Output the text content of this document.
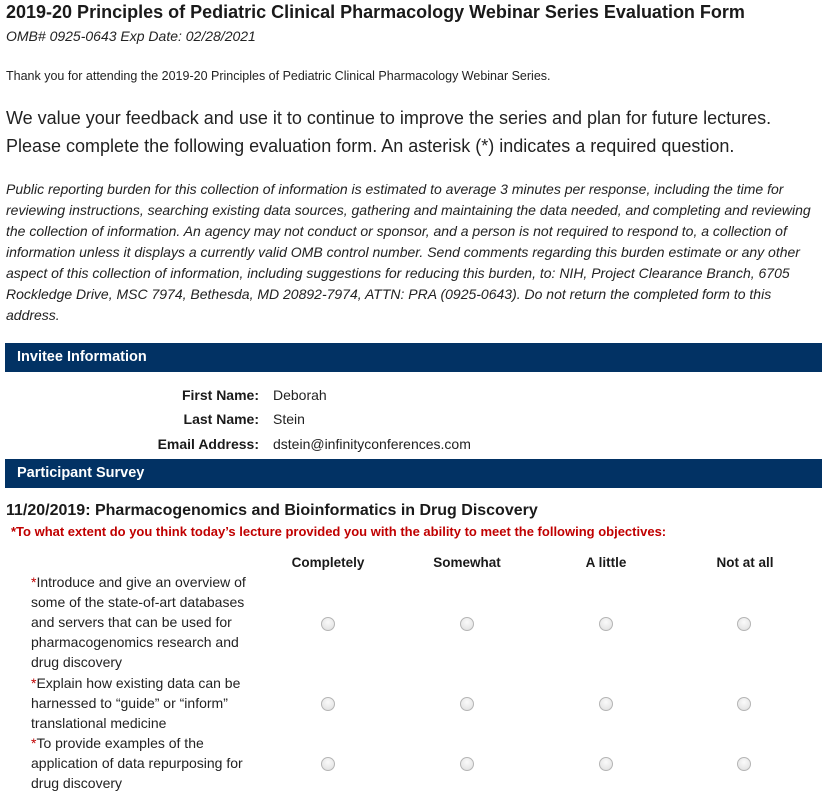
2019-20 Principles of Pediatric Clinical Pharmacology Webinar Series Evaluation Form
OMB# 0925-0643 Exp Date: 02/28/2021
Thank you for attending the 2019-20 Principles of Pediatric Clinical Pharmacology Webinar Series.
We value your feedback and use it to continue to improve the series and plan for future lectures.
Please complete the following evaluation form. An asterisk (*) indicates a required question.
Public reporting burden for this collection of information is estimated to average 3 minutes per response, including the time for reviewing instructions, searching existing data sources, gathering and maintaining the data needed, and completing and reviewing the collection of information. An agency may not conduct or sponsor, and a person is not required to respond to, a collection of information unless it displays a currently valid OMB control number. Send comments regarding this burden estimate or any other aspect of this collection of information, including suggestions for reducing this burden, to: NIH, Project Clearance Branch, 6705 Rockledge Drive, MSC 7974, Bethesda, MD 20892-7974, ATTN: PRA (0925-0643). Do not return the completed form to this address.
Invitee Information
First Name: Deborah
Last Name: Stein
Email Address: dstein@infinityconferences.com
Participant Survey
11/20/2019: Pharmacogenomics and Bioinformatics in Drug Discovery
*To what extent do you think today’s lecture provided you with the ability to meet the following objectives:
Completely	Somewhat	A little	Not at all
*Introduce and give an overview of some of the state-of-art databases and servers that can be used for pharmacogenomics research and drug discovery
*Explain how existing data can be harnessed to “guide” or “inform” translational medicine
*To provide examples of the application of data repurposing for drug discovery
